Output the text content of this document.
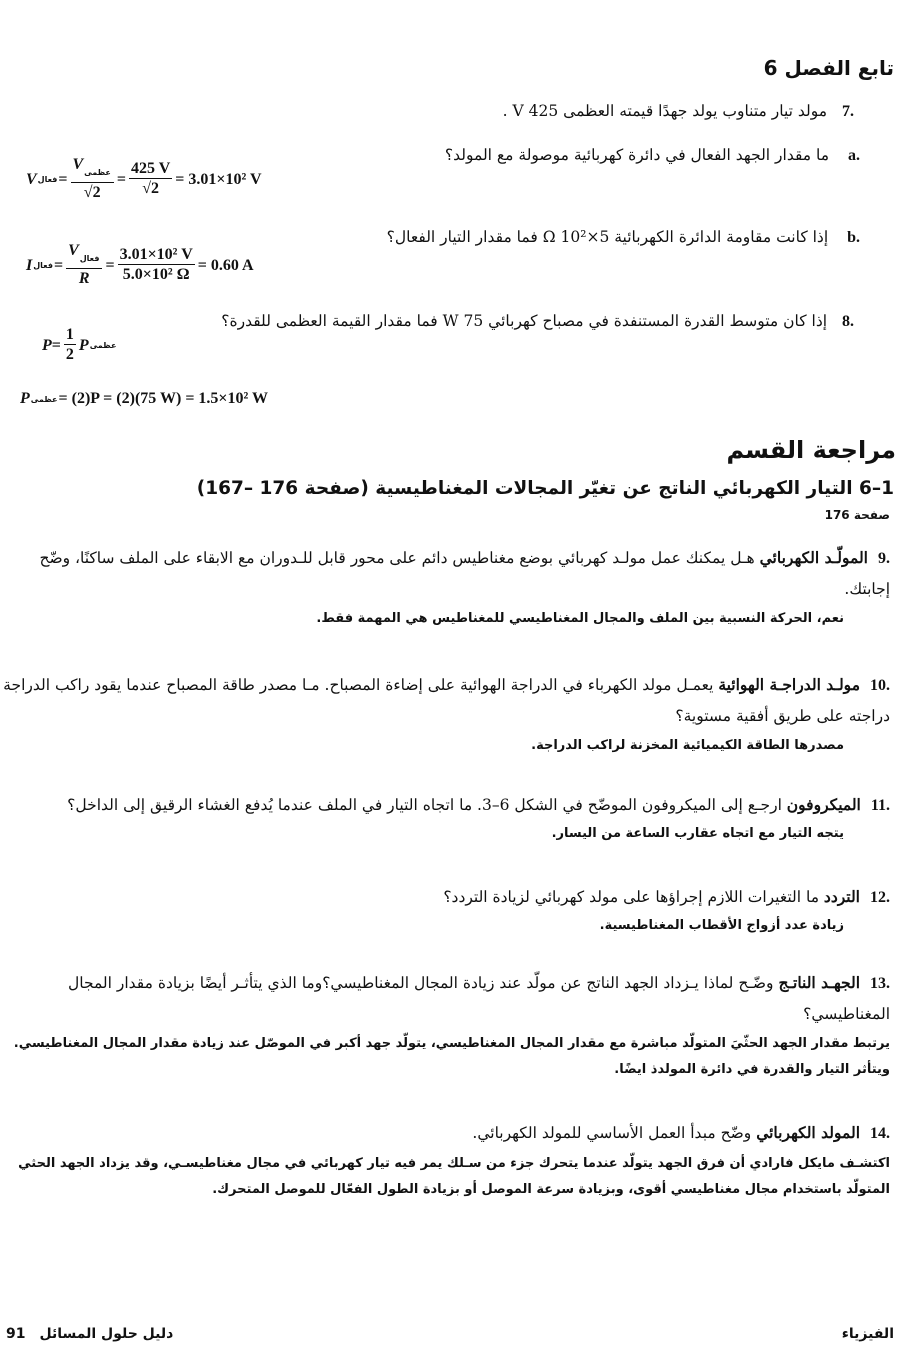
تابع الفصل 6
.7 مولد تيار متناوب يولد جهدًا قيمته العظمى 425 V .
.a ما مقدار الجهد الفعال في دائرة كهربائية موصولة مع المولد؟
V فعال = $\frac{V_{عظمى}}{√2} = \frac{425 V}{√2} = 3.01\times 10^2$ V
.b إذا كانت مقاومة الدائرة الكهربائية 5×10² Ω فما مقدار التيار الفعال؟
I فعال = $\frac{V_{فعال}}{R} = \frac{\text{3.01×10² V}}{\text{5.0×10² Ω}} = 0.60$ A
.8 إذا كان متوسط القدرة المستنفدة في مصباح كهربائي 75 W فما مقدار القيمة العظمى للقدرة؟
$P = \frac{1}{2}$ P عظمى
P عظمى = (2)P = (2)(75 W) = 1.5×10² W
مراجعة القسم
1–6 التيار الكهربائي الناتج عن تغيّر المجالات المغناطيسية (صفحة 176 –167)
صفحة 176
.9المولّـد الكهربائي هـل يمكنك عمل مولـد كهربائي بوضع مغناطيس دائم على محور قابل للـدوران مع الابقاء على الملف ساكنًا، وضّح إجابتك.
نعم، الحركة النسبية بين الملف والمجال المغناطيسي للمغناطيس هي المهمة فقط.
.10مولـد الدراجـة الهوائية يعمـل مولد الكهرباء في الدراجة الهوائية على إضاءة المصباح. مـا مصدر طاقة المصباح عندما يقود راكب الدراجة دراجته على طريق أفقية مستوية؟
مصدرها الطاقة الكيميائية المخزنة لراكب الدراجة.
.11الميكروفون ارجـع إلى الميكروفون الموضّح في الشكل 6–3. ما اتجاه التيار في الملف عندما يُدفع الغشاء الرقيق إلى الداخل؟
يتجه التيار مع اتجاه عقارب الساعة من اليسار.
.12التردد ما التغيرات اللازم إجراؤها على مولد كهربائي لزيادة التردد؟
زيادة عدد أزواج الأقطاب المغناطيسية.
.13الجهـد الناتـج وضّـح لماذا يـزداد الجهد الناتج عن مولّد عند زيادة المجال المغناطيسي؟وما الذي يتأثـر أيضًا بزيادة مقدار المجال المغناطيسي؟
يرتبط مقدار الجهد الحثّيَ المتولّد مباشرة مع مقدار المجال المغناطيسي، يتولّد جهد أكبر في الموصّل عند زيادة مقدار المجال المغناطيسي. ويتأثر التيار والقدرة في دائرة المولدذ ايضًا.
.14المولد الكهربائي وضّح مبدأ العمل الأساسي للمولد الكهربائي.
اكتشـف مايكل فارادي أن فرق الجهد يتولّد عندما يتحرك جزء من سـلك يمر فيه تيار كهربائي في مجال مغناطيسـي، وقد يزداد الجهد الحثي المتولّد باستخدام مجال مغناطيسي أقوى، وبزيادة سرعة الموصل أو بزيادة الطول الفعّال للموصل المتحرك.
الفيزياء
91 دليل حلول المسائل
